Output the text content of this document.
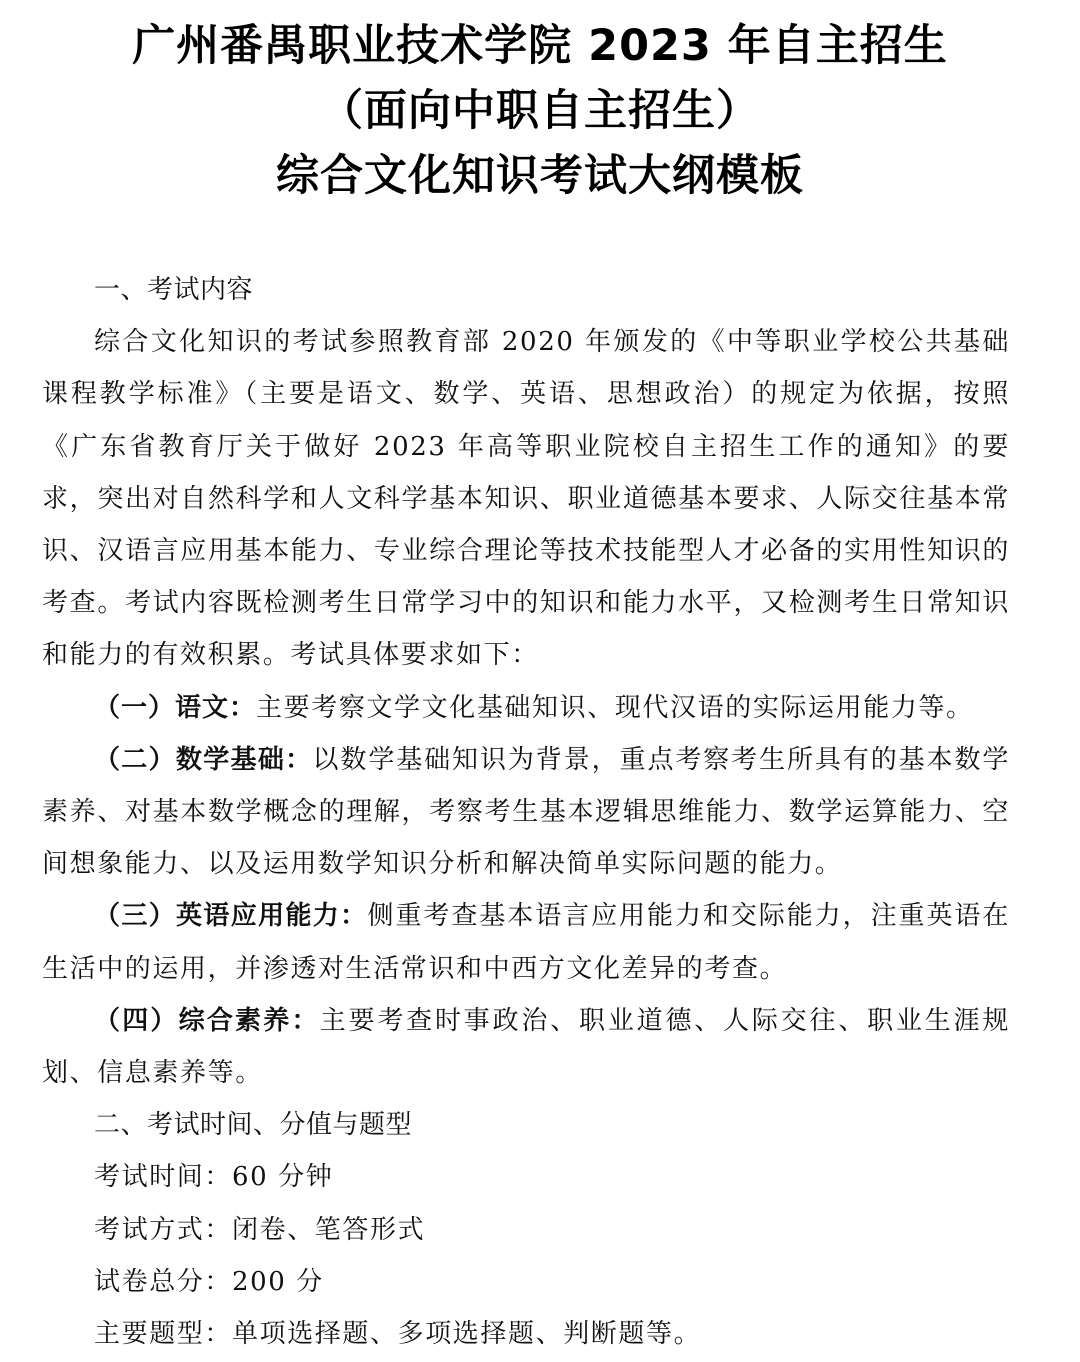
广州番禺职业技术学院 2023 年自主招生
（面向中职自主招生）
综合文化知识考试大纲模板

一、考试内容

综合文化知识的考试参照教育部 2020 年颁发的《中等职业学校公共基础课程教学标准》（主要是语文、数学、英语、思想政治）的规定为依据，按照《广东省教育厅关于做好 2023 年高等职业院校自主招生工作的通知》的要求，突出对自然科学和人文科学基本知识、职业道德基本要求、人际交往基本常识、汉语言应用基本能力、专业综合理论等技术技能型人才必备的实用性知识的考查。考试内容既检测考生日常学习中的知识和能力水平，又检测考生日常知识和能力的有效积累。考试具体要求如下：

（一）语文：主要考察文学文化基础知识、现代汉语的实际运用能力等。

（二）数学基础：以数学基础知识为背景，重点考察考生所具有的基本数学素养、对基本数学概念的理解，考察考生基本逻辑思维能力、数学运算能力、空间想象能力、以及运用数学知识分析和解决简单实际问题的能力。

（三）英语应用能力：侧重考查基本语言应用能力和交际能力，注重英语在生活中的运用，并渗透对生活常识和中西方文化差异的考查。

（四）综合素养：主要考查时事政治、职业道德、人际交往、职业生涯规划、信息素养等。

二、考试时间、分值与题型

考试时间：60 分钟

考试方式：闭卷、笔答形式

试卷总分：200 分

主要题型：单项选择题、多项选择题、判断题等。
